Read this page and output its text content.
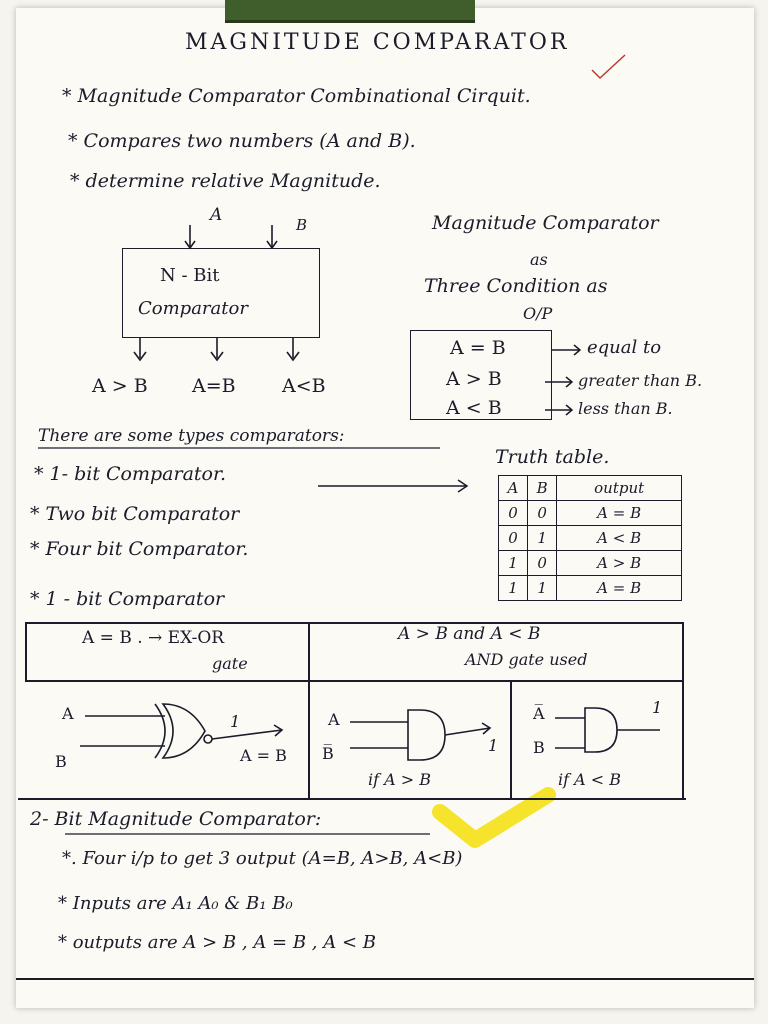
MAGNITUDE COMPARATOR
* Magnitude Comparator Combinational Cirquit.
* Compares two numbers (A and B).
* determine relative Magnitude.
A	B
N - Bit
Comparator
A > B A=B A<B
Magnitude Comparator
as
Three Condition as
O/P
A = B
A > B
A < B
equal to
greater than B.
less than B.
There are some types comparators:
* 1- bit Comparator.
* Two bit Comparator
* Four bit Comparator.
Truth table.
A	B	output
0	0	A = B
0	1	A < B
1	0	A > B
1	1	A = B
* 1 - bit Comparator
A = B . → EX-OR
gate
A > B and A < B
AND gate used
A
B
1
A = B
A
B̅	1
if A > B
A̅
B
1
if A < B
2- Bit Magnitude Comparator:
*. Four i/p to get 3 output (A=B, A>B, A<B)
* Inputs are A₁ A₀ & B₁ B₀
* outputs are A > B , A = B , A < B
